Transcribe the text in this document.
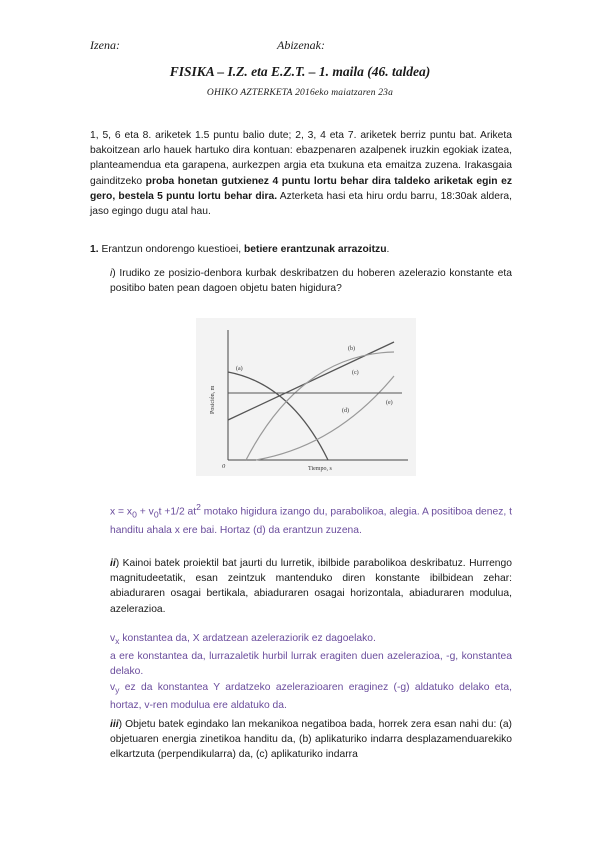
Izena:	Abizenak:
FISIKA – I.Z. eta E.Z.T. – 1. maila (46. taldea)
OHIKO AZTERKETA 2016eko maiatzaren 23a
1, 5, 6 eta 8. ariketek 1.5 puntu balio dute; 2, 3, 4 eta 7. ariketek berriz puntu bat. Ariketa bakoitzean arlo hauek hartuko dira kontuan: ebazpenaren azalpenek iruzkin egokiak izatea, planteamendua eta garapena, aurkezpen argia eta txukuna eta emaitza zuzena. Irakasgaia gainditzeko proba honetan gutxienez 4 puntu lortu behar dira taldeko ariketak egin ez gero, bestela 5 puntu lortu behar dira. Azterketa hasi eta hiru ordu barru, 18:30ak aldera, jaso egingo dugu atal hau.
1. Erantzun ondorengo kuestioei, betiere erantzunak arrazoitzu.
i) Irudiko ze posizio-denbora kurbak deskribatzen du hoberen azelerazio konstante eta positibo baten pean dagoen objetu baten higidura?
Posición, m
Tiempo, s
0
(a)
(b)
(c)
(d)
(e)
$x = x_0 + v_0t +1/2$ $at^2$ motako higidura izango du, parabolikoa, alegia. A positiboa denez, t handitu ahala x ere bai. Hortaz (d) da erantzun zuzena.
ii) Kainoi batek proiektil bat jaurti du lurretik, ibilbide parabolikoa deskribatuz. Hurrengo magnitudeetatik, esan zeintzuk mantenduko diren konstante ibilbidean zehar: abiaduraren osagai bertikala, abiaduraren osagai horizontala, abiaduraren modulua, azelerazioa.
$v_x$ konstantea da, X ardatzean azeleraziorik ez dagoelako.
a ere konstantea da, lurrazaletik hurbil lurrak eragiten duen azelerazioa, -g, konstantea delako.
$v_y$ ez da konstantea Y ardatzeko azelerazioaren eraginez (-g) aldatuko delako eta, hortaz, v-ren modulua ere aldatuko da.
iii) Objetu batek egindako lan mekanikoa negatiboa bada, horrek zera esan nahi du: (a) objetuaren energia zinetikoa handitu da, (b) aplikaturiko indarra desplazamenduarekiko elkartzuta (perpendikularra) da, (c) aplikaturiko indarra
